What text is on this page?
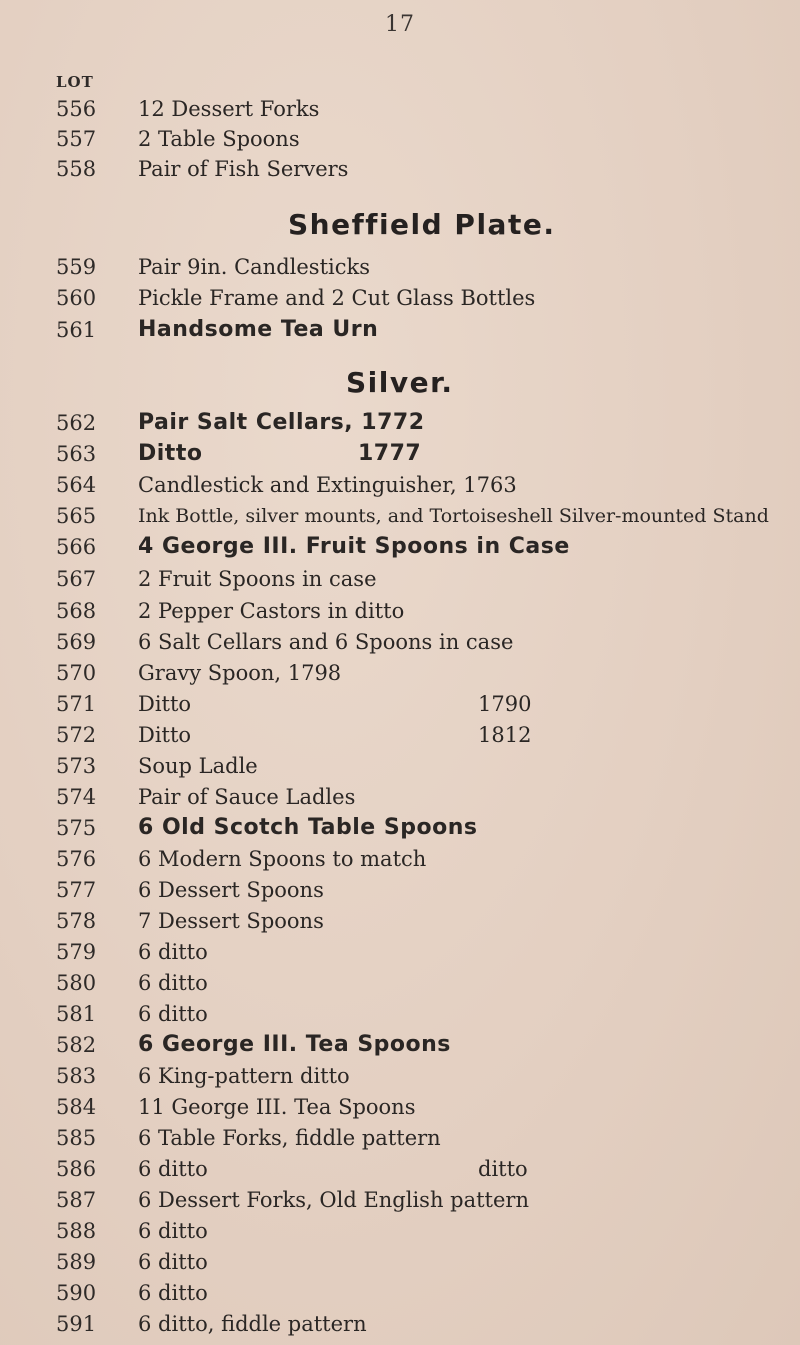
17
LOT
556 12 Dessert Forks
557 2 Table Spoons
558 Pair of Fish Servers
Sheffield Plate.
559 Pair 9in. Candlesticks
560 Pickle Frame and 2 Cut Glass Bottles
561 Handsome Tea Urn
Silver.
562 Pair Salt Cellars, 1772
563 Ditto	1777
564 Candlestick and Extinguisher, 1763
565 Ink Bottle, silver mounts, and Tortoiseshell Silver-mounted Stand
566 4 George III. Fruit Spoons in Case
567 2 Fruit Spoons in case
568 2 Pepper Castors in ditto
569 6 Salt Cellars and 6 Spoons in case
570 Gravy Spoon, 1798
571 Ditto	1790
572 Ditto	1812
573 Soup Ladle
574 Pair of Sauce Ladles
575 6 Old Scotch Table Spoons
576 6 Modern Spoons to match
577 6 Dessert Spoons
578 7 Dessert Spoons
579 6 ditto
580 6 ditto
581 6 ditto
582 6 George III. Tea Spoons
583 6 King-pattern ditto
584 11 George III. Tea Spoons
585 6 Table Forks, fiddle pattern
586 6 ditto	ditto
587 6 Dessert Forks, Old English pattern
588 6 ditto
589 6 ditto
590 6 ditto
591 6 ditto, fiddle pattern
